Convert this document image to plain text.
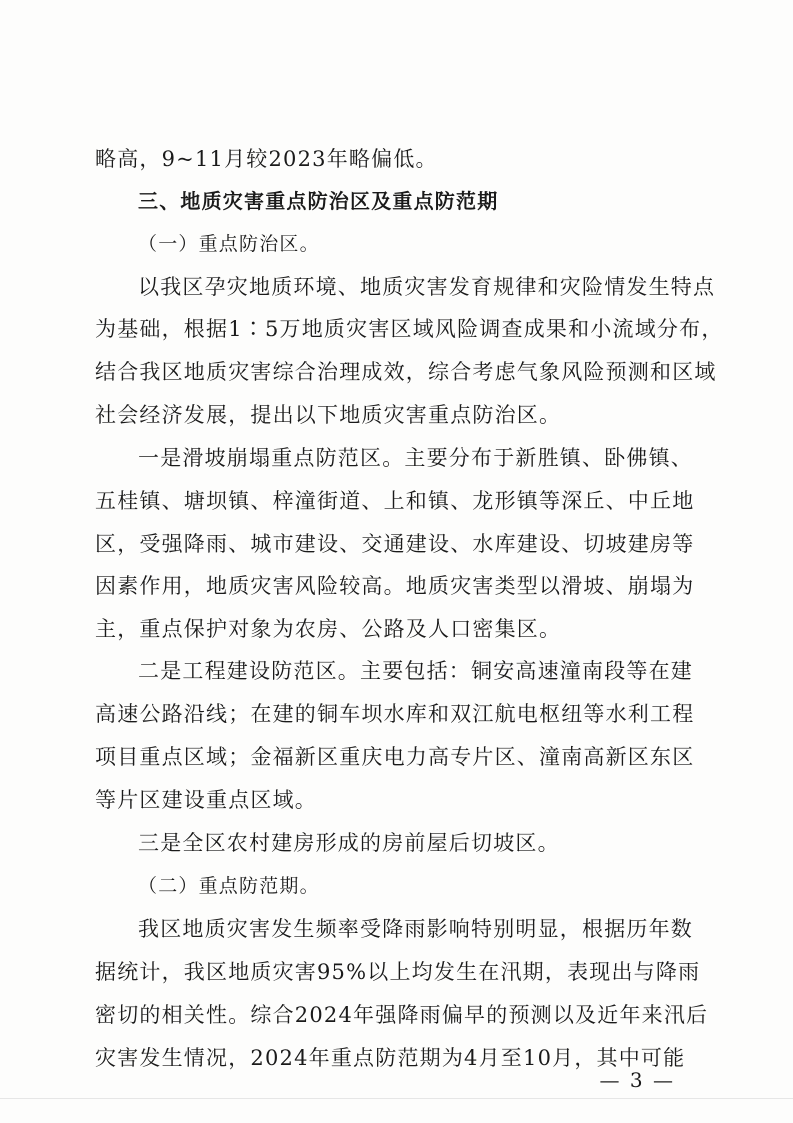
略高，9~11月较2023年略偏低。
三、地质灾害重点防治区及重点防范期
（一）重点防治区。
以我区孕灾地质环境、地质灾害发育规律和灾险情发生特点
为基础，根据1∶5万地质灾害区域风险调查成果和小流域分布，
结合我区地质灾害综合治理成效，综合考虑气象风险预测和区域
社会经济发展，提出以下地质灾害重点防治区。
一是滑坡崩塌重点防范区。主要分布于新胜镇、卧佛镇、
五桂镇、塘坝镇、梓潼街道、上和镇、龙形镇等深丘、中丘地
区，受强降雨、城市建设、交通建设、水库建设、切坡建房等
因素作用，地质灾害风险较高。地质灾害类型以滑坡、崩塌为
主，重点保护对象为农房、公路及人口密集区。
二是工程建设防范区。主要包括：铜安高速潼南段等在建
高速公路沿线；在建的铜车坝水库和双江航电枢纽等水利工程
项目重点区域；金福新区重庆电力高专片区、潼南高新区东区
等片区建设重点区域。
三是全区农村建房形成的房前屋后切坡区。
（二）重点防范期。
我区地质灾害发生频率受降雨影响特别明显，根据历年数
据统计，我区地质灾害95%以上均发生在汛期，表现出与降雨
密切的相关性。综合2024年强降雨偏早的预测以及近年来汛后
灾害发生情况，2024年重点防范期为4月至10月，其中可能
— 3 —
